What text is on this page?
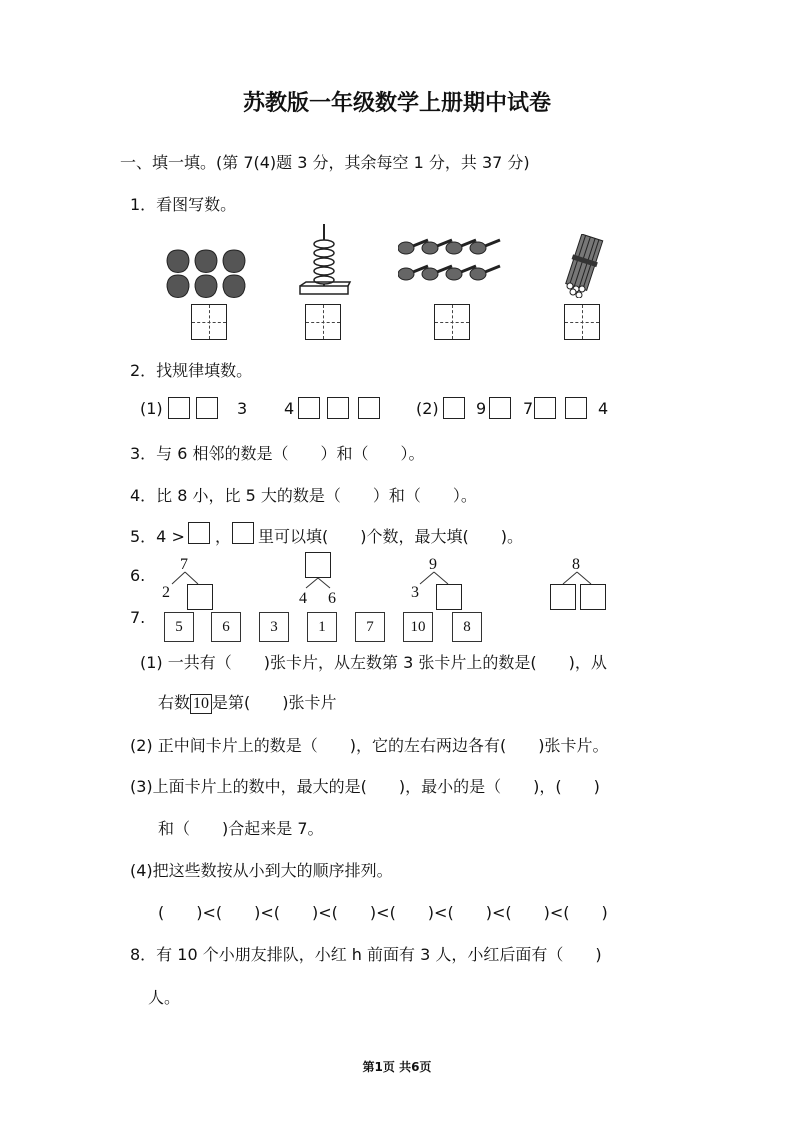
苏教版一年级数学上册期中试卷
一、填一填。(第 7(4)题 3 分，其余每空 1 分，共 37 分)
1．看图写数。
2．找规律填数。
(1)	3 4	(2) 9 7	4
3．与 6 相邻的数是（　　）和（　　）。
4．比 8 小，比 5 大的数是（　　）和（　　）。
5．4 > ， 里可以填(　　)个数，最大填(　　)。
6.
7
2	4 6
9
3
8
7.	5	6	3	1	7	10	8
(1) 一共有（　　)张卡片，从左数第 3 张卡片上的数是(　　)，从
右数 10 是第(　　)张卡片
(2) 正中间卡片上的数是（　　)，它的左右两边各有(　　)张卡片。
(3)上面卡片上的数中，最大的是(　　)，最小的是（　　)，(　　)
和（　　)合起来是 7。
(4)把这些数按从小到大的顺序排列。
(　　)<(　　)<(　　)<(　　)<(　　)<(　　)<(　　)<(　　)
8．有 10 个小朋友排队，小红 h 前面有 3 人，小红后面有（　　)
人。
第1页 共6页
